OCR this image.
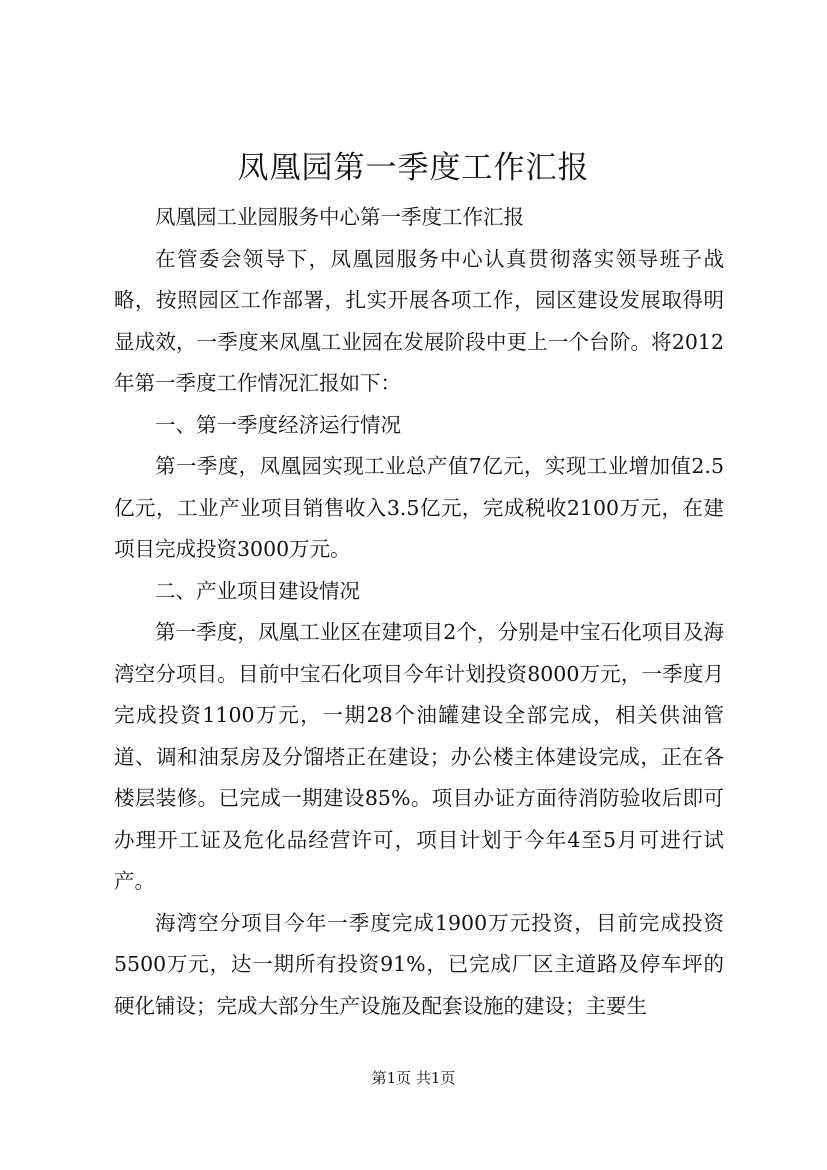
凤凰园第一季度工作汇报

凤凰园工业园服务中心第一季度工作汇报

在管委会领导下，凤凰园服务中心认真贯彻落实领导班子战略，按照园区工作部署，扎实开展各项工作，园区建设发展取得明显成效，一季度来凤凰工业园在发展阶段中更上一个台阶。将2012年第一季度工作情况汇报如下：

一、第一季度经济运行情况

第一季度，凤凰园实现工业总产值7亿元，实现工业增加值2.5亿元，工业产业项目销售收入3.5亿元，完成税收2100万元，在建项目完成投资3000万元。

二、产业项目建设情况

第一季度，凤凰工业区在建项目2个，分别是中宝石化项目及海湾空分项目。目前中宝石化项目今年计划投资8000万元，一季度月完成投资1100万元，一期28个油罐建设全部完成，相关供油管道、调和油泵房及分馏塔正在建设；办公楼主体建设完成，正在各楼层装修。已完成一期建设85%。项目办证方面待消防验收后即可办理开工证及危化品经营许可，项目计划于今年4至5月可进行试产。

海湾空分项目今年一季度完成1900万元投资，目前完成投资5500万元，达一期所有投资91%，已完成厂区主道路及停车坪的硬化铺设；完成大部分生产设施及配套设施的建设；主要生

第1页 共1页
